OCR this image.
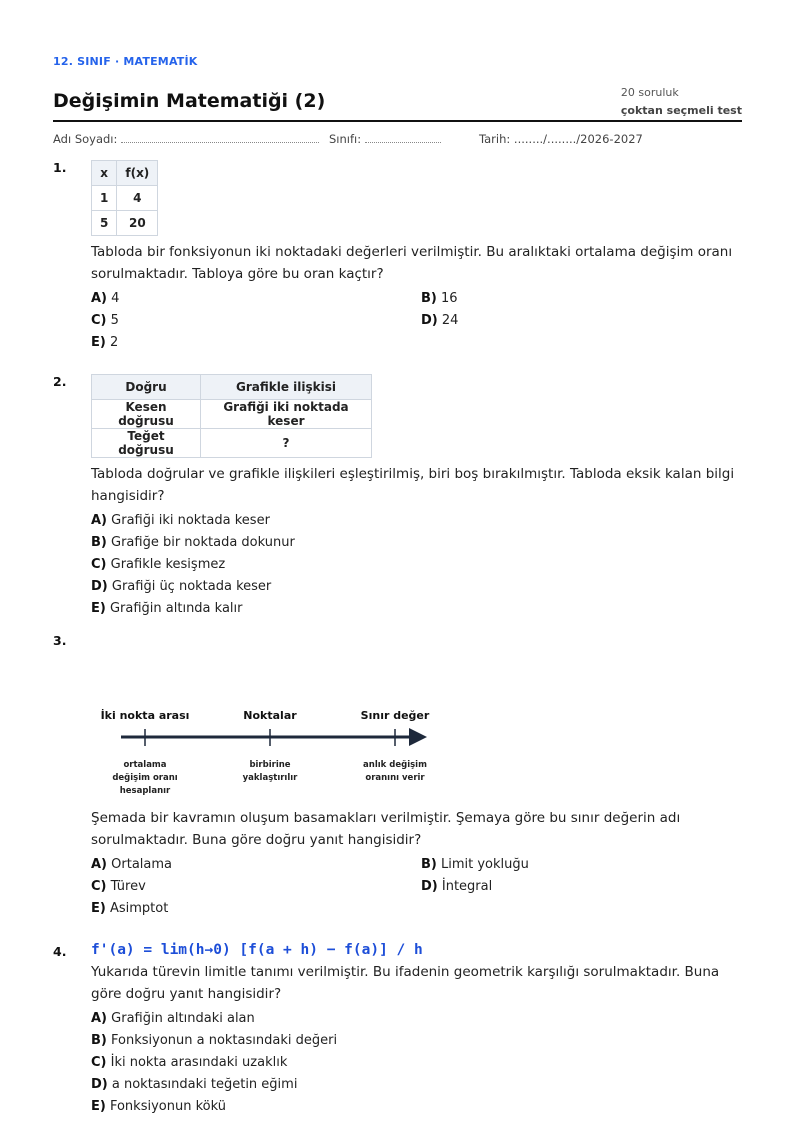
12. SINIF · MATEMATİK
Değişimin Matematiği (2)	20 soruluk
çoktan seçmeli test
Adı Soyadı:	Sınıfı:	Tarih: ......../......../2026-2027
1.	x	f(x)
1	4
5	20

Tabloda bir fonksiyonun iki noktadaki değerleri verilmiştir. Bu aralıktaki ortalama değişim oranı sorulmaktadır. Tabloya göre bu oran kaçtır?

A) 4	B) 16
C) 5	D) 24
E) 2
2.	Doğru	Grafikle ilişkisi
Kesen doğrusu	Grafiği iki noktada keser
Teğet doğrusu	?

Tabloda doğrular ve grafikle ilişkileri eşleştirilmiş, biri boş bırakılmıştır. Tabloda eksik kalan bilgi hangisidir?

A) Grafiği iki noktada keser
B) Grafiğe bir noktada dokunur
C) Grafikle kesişmez
D) Grafiği üç noktada keser
E) Grafiğin altında kalır
3.
İki nokta arası	Noktalar	Sınır değer
ortalama
değişim oranı
hesaplanır
birbirine
yaklaştırılır
anlık değişim
oranını verir

Şemada bir kavramın oluşum basamakları verilmiştir. Şemaya göre bu sınır değerin adı sorulmaktadır. Buna göre doğru yanıt hangisidir?

A) Ortalama	B) Limit yokluğu
C) Türev	D) İntegral
E) Asimptot
4. f'(a) = lim(h→0) [f(a + h) − f(a)] / h

Yukarıda türevin limitle tanımı verilmiştir. Bu ifadenin geometrik karşılığı sorulmaktadır. Buna göre doğru yanıt hangisidir?

A) Grafiğin altındaki alan
B) Fonksiyonun a noktasındaki değeri
C) İki nokta arasındaki uzaklık
D) a noktasındaki teğetin eğimi
E) Fonksiyonun kökü
